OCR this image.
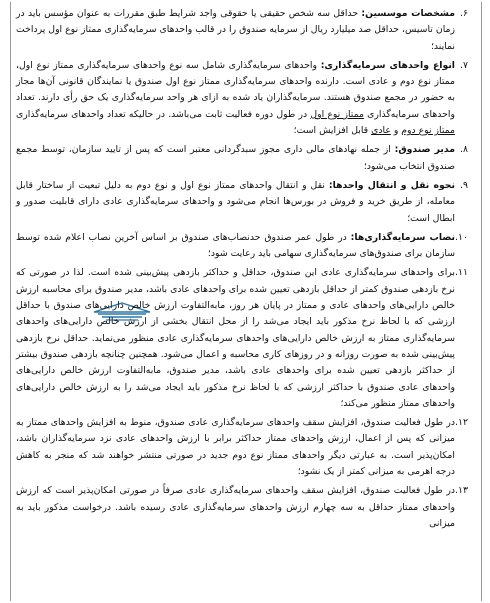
۶.
مشخصات موسسین: حداقل سه شخص حقیقی یا حقوقی واجد شرایط طبق مقررات به عنوان مؤسس باید در زمان تاسیس، حداقل صد میلیارد ریال از سرمایه صندوق را در قالب واحدهای سرمایه‌گذاری ممتاز نوع اول پرداخت نمایند؛

۷.
انواع واحدهای سرمایه‌گذاری: واحدهای سرمایه‌گذاری شامل سه نوع واحدهای سرمایه‌گذاری ممتاز نوع اول، ممتاز نوع دوم و عادی است. دارنده واحدهای سرمایه‌گذاری ممتاز نوع اول صندوق یا نمایندگان قانونی آن‌ها مجاز به حضور در مجمع صندوق هستند. سرمایه‌گذاران یاد شده به ازای هر واحد سرمایه‌گذاری یک حق رأی دارند. تعداد واحدهای سرمایه‌گذاری ممتاز نوع اول در طول دوره فعالیت ثابت می‌باشد. در حالیکه تعداد واحدهای سرمایه‌گذاری ممتاز نوع دوم و عادی قابل افزایش است؛

۸.
مدیر صندوق: از جمله نهادهای مالی داری مجوز سبدگردانی معتبر است که پس از تایید سازمان، توسط مجمع صندوق انتخاب می‌شود؛

۹.
نحوه نقل و انتقال واحدها: نقل و انتقال واحدهای ممتاز نوع اول و نوع دوم به دلیل تبعیت از ساختار قابل معامله، از طریق خرید و فروش در بورس‌ها انجام می‌شود و واحدهای سرمایه‌گذاری عادی دارای قابلیت صدور و ابطال است؛

۱۰.
نصاب سرمایه‌گذاری‌ها: در طول عمر صندوق حدنصاب‌های صندوق بر اساس آخرین نصاب اعلام شده توسط سازمان برای صندوق‌های سرمایه‌گذاری سهامی باید رعایت شود؛

۱۱.
برای واحدهای سرمایه‌گذاری عادی این صندوق، حداقل و حداکثر بازدهی پیش‌بینی شده است. لذا در صورتی که نرخ بازدهی صندوق کمتر از حداقل بازدهی تعیین شده برای واحدهای عادی باشد، مدیر صندوق برای محاسبه ارزش خالص دارایی‌های واحدهای عادی و ممتاز در پایان هر روز، مابه‌التفاوت ارزش خالص دارایی‌های صندوق با حداقل ارزشی که با لحاظ نرخ مذکور باید ایجاد می‌شد را از محل انتقال بخشی از ارزش خالص دارایی‌های واحدهای سرمایه‌گذاری ممتاز به ارزش خالص دارایی‌های واحدهای سرمایه‌گذاری عادی منظور می‌نماید. حداقل نرخ بازدهی پیش‌بینی شده به صورت روزانه و در روزهای کاری محاسبه و اعمال می‌شود. همچنین چنانچه بازدهی صندوق بیشتر از حداکثر بازدهی تعیین شده برای واحدهای عادی باشد، مدیر صندوق، مابه‌التفاوت ارزش خالص دارایی‌های واحدهای عادی صندوق با حداکثر ارزشی که با لحاظ نرخ مذکور باید ایجاد می‌شد را به ارزش خالص دارایی‌های واحدهای ممتاز منظور می‌کند؛

۱۲.
در طول فعالیت صندوق، افزایش سقف واحدهای سرمایه‌گذاری عادی صندوق، منوط به افزایش واحدهای ممتاز به میزانی که پس از اعمال، ارزش واحدهای ممتاز حداکثر برابر با ارزش واحدهای عادی نزد سرمایه‌گذاران باشد، امکان‌پذیر است. به عبارتی دیگر واحدهای ممتاز نوع دوم جدید در صورتی منتشر خواهند شد که منجر به کاهش درجه اهرمی به میزانی کمتر از یک نشود؛

۱۳.
در طول فعالیت صندوق، افزایش سقف واحدهای سرمایه‌گذاری عادی صرفاً در صورتی امکان‌پذیر است که ارزش واحدهای ممتاز حداقل به سه چهارم ارزش واحدهای سرمایه‌گذاری عادی رسیده باشد. درخواست مذکور باید به میزانی
